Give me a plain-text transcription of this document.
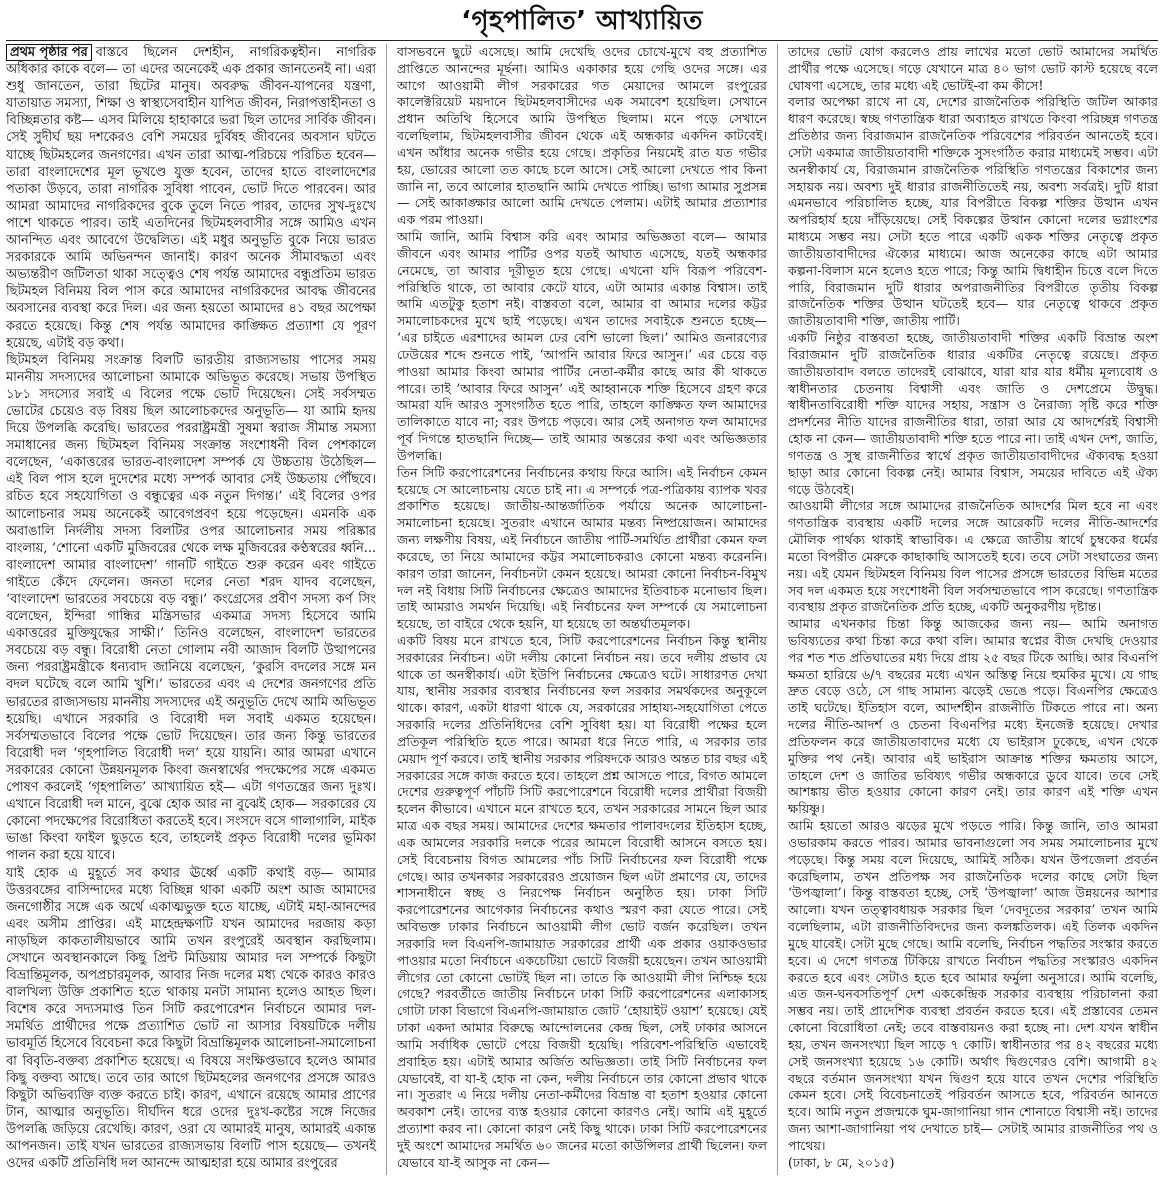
‘গৃহপালিত’ আখ্যায়িত

প্রথম পৃষ্ঠার পর বাস্তবে ছিলেন দেশহীন, নাগরিকত্বহীন। নাগরিক অধিকার কাকে বলে— তা এদের অনেকেই এক প্রকার জানতেনই না। এরা শুধু জানতেন, তারা ছিটের মানুষ। অবরুদ্ধ জীবন-যাপনের যন্ত্রণা, যাতায়াত সমস্যা, শিক্ষা ও স্বাস্থ্যসেবাহীন যাপিত জীবন, নিরাপত্তাহীনতা ও বিচ্ছিন্নতার কষ্ট— এসব মিলিয়ে হাহাকারে ভরা ছিল তাদের সার্বিক জীবন। সেই সুদীর্ঘ ছয় দশকেরও বেশি সময়ের দুর্বিষহ জীবনের অবসান ঘটতে যাচ্ছে ছিটমহলের জনগণের। এখন তারা আত্ম-পরিচয়ে পরিচিত হবেন— তারা বাংলাদেশের মূল ভূখণ্ডে যুক্ত হবেন, তাদের হাতে বাংলাদেশের পতাকা উড়বে, তারা নাগরিক সুবিধা পাবেন, ভোট দিতে পারবেন। আর আমরা আমাদের নাগরিকদের বুকে তুলে নিতে পারব, তাদের সুখ-দুঃখে পাশে থাকতে পারব। তাই এতদিনের ছিটমহলবাসীর সঙ্গে আমিও এখন আনন্দিত এবং আবেগে উদ্বেলিত। এই মধুর অনুভূতি বুকে নিয়ে ভারত সরকারকে আমি অভিনন্দন জানাই। কারণ অনেক সীমাবদ্ধতা এবং অভ্যন্তরীণ জটিলতা থাকা সত্ত্বেও শেষ পর্যন্ত আমাদের বন্ধুপ্রতিম ভারত ছিটমহল বিনিময় বিল পাস করে আমাদের নাগরিকদের আবদ্ধ জীবনের অবসানের ব্যবস্থা করে দিল। এর জন্য হয়তো আমাদের ৪১ বছর অপেক্ষা করতে হয়েছে। কিন্তু শেষ পর্যন্ত আমাদের কাঙ্ক্ষিত প্রত্যাশা যে পূরণ হয়েছে, এটাই বড় কথা।

ছিটমহল বিনিময় সংক্রান্ত বিলটি ভারতীয় রাজ্যসভায় পাসের সময় মাননীয় সদস্যদের আলোচনা আমাকে অভিভূত করেছে। সভায় উপস্থিত ১৮১ সদস্যের সবাই এ বিলের পক্ষে ভোট দিয়েছেন। সেই সর্বসম্মত ভোটের চেয়েও বড় বিষয় ছিল আলোচকদের অনুভূতি— যা আমি হৃদয় দিয়ে উপলব্ধি করেছি। ভারতের পররাষ্ট্রমন্ত্রী সুষমা স্বরাজ সীমান্ত সমস্যা সমাধানের জন্য ছিটমহল বিনিময় সংক্রান্ত সংশোধনী বিল পেশকালে বলেছেন, ‘একাত্তরের ভারত-বাংলাদেশ সম্পর্ক যে উচ্চতায় উঠেছিল— এই বিল পাস হলে দুদেশের মধ্যে সম্পর্ক আবার সেই উচ্চতায় পৌঁছবে। রচিত হবে সহযোগিতা ও বন্ধুত্বের এক নতুন দিগন্ত।’ এই বিলের ওপর আলোচনার সময় অনেকেই আবেগপ্রবণ হয়ে পড়েছেন। এমনকি এক অবাঙালি নির্দলীয় সদস্য বিলটির ওপর আলোচনার সময় পরিষ্কার বাংলায়, ‘শোনো একটি মুজিবরের থেকে লক্ষ মুজিবরের কণ্ঠস্বরের ধ্বনি... বাংলাদেশ আমার বাংলাদেশ’ গানটি গাইতে শুরু করেন এবং গাইতে গাইতে কেঁদে ফেলেন। জনতা দলের নেতা শরদ যাদব বলেছেন, ‘বাংলাদেশ ভারতের সবচেয়ে বড় বন্ধু।’ কংগ্রেসের প্রবীণ সদস্য কর্ণ সিং বলেছেন, ইন্দিরা গান্ধির মন্ত্রিসভার একমাত্র সদস্য হিসেবে আমি একাত্তরের মুক্তিযুদ্ধের সাক্ষী।’ তিনিও বলেছেন, বাংলাদেশ ভারতের সবচেয়ে বড় বন্ধু। বিরোধী নেতা গোলাম নবী আজাদ বিলটি উত্থাপনের জন্য পররাষ্ট্রমন্ত্রীকে ধন্যবাদ জানিয়ে বলেছেন, ‘কুরসি বদলের সঙ্গে মন বদল ঘটেছে বলে আমি খুশি।’ ভারতের এবং এ দেশের জনগণের প্রতি ভারতের রাজ্যসভায় মাননীয় সদস্যদের এই অনুভূতি দেখে আমি অভিভূত হয়েছি। এখানে সরকারি ও বিরোধী দল সবাই একমত হয়েছেন। সর্বসম্মতভাবে বিলের পক্ষে ভোট দিয়েছেন। তার জন্য কিন্তু ভারতের বিরোধী দল ‘গৃহপালিত বিরোধী দল’ হয়ে যায়নি। আর আমরা এখানে সরকারের কোনো উন্নয়নমূলক কিংবা জনস্বার্থের পদক্ষেপের সঙ্গে একমত পোষণ করলেই ‘গৃহপালিত’ আখ্যায়িত হই— এটা গণতন্ত্রের জন্য দুঃখ। এখানে বিরোধী দল মানে, বুঝে হোক আর না বুঝেই হোক— সরকারের যে কোনো পদক্ষেপের বিরোধিতা করতেই হবে। সংসদে বসে গালাগালি, মাইক ভাঙা কিংবা ফাইল ছুড়তে হবে, তাহলেই প্রকৃত বিরোধী দলের ভূমিকা পালন করা হয়ে যাবে।

যাই হোক এ মুহূর্তে সব কথার ঊর্ধ্বে একটি কথাই বড়— আমার উত্তরবঙ্গের বাসিন্দাদের মধ্যে বিচ্ছিন্ন থাকা একটি অংশ আজ আমাদের জনগোষ্ঠীর সঙ্গে এক অর্থে একাত্মভুক্ত হতে যাচ্ছে, এটাই মহা-আনন্দের এবং অসীম প্রাপ্তির। এই মাহেন্দ্রক্ষণটি যখন আমাদের দরজায় কড়া নাড়ছিল কাকতালীয়ভাবে আমি তখন রংপুরেই অবস্থান করছিলাম। সেখানে অবস্থানকালে কিছু প্রিন্ট মিডিয়ায় আমার দল সম্পর্কে কিছুটা বিভ্রান্তিমূলক, অপপ্রচারমূলক, আবার নিজ দলের মধ্য থেকে কারও কারও বালখিল্য উক্তি প্রকাশিত হতে থাকায় মনটা সামান্য হলেও আহত ছিল। বিশেষ করে সদ্যসমাপ্ত তিন সিটি করপোরেশন নির্বাচনে আমার দল-সমর্থিত প্রার্থীদের পক্ষে প্রত্যাশিত ভোট না আসার বিষয়টিকে দলীয় ভাবমূর্তি হিসেবে বিবেচনা করে কিছুটা বিভ্রান্তিমূলক আলোচনা-সমালোচনা বা বিবৃতি-বক্তব্য প্রকাশিত হয়েছে। এ বিষয়ে সংক্ষিপ্তভাবে হলেও আমার কিছু বক্তব্য আছে। তবে তার আগে ছিটমহলের জনগণের প্রসঙ্গে আরও কিছুটা অভিব্যক্তি ব্যক্ত করতে চাই। কারণ, এখানে রয়েছে আমার প্রাণের টান, আত্মার অনুভূতি। দীর্ঘদিন ধরে ওদের দুঃখ-কষ্টের সঙ্গে নিজের উপলব্ধি জড়িয়ে রেখেছি। কারণ, ওরা যে আমারই মানুষ, আমারই একান্ত আপনজন। তাই যখন ভারতের রাজ্যসভায় বিলটি পাস হয়েছে— তখনই ওদের একটি প্রতিনিধি দল আনন্দে আত্মহারা হয়ে আমার রংপুরের

বাসভবনে ছুটে এসেছে। আমি দেখেছি ওদের চোখে-মুখে বহু প্রত্যাশিত প্রাপ্তিতে আনন্দের মূর্ছনা। আমিও একাকার হয়ে গেছি ওদের সঙ্গে। এর আগে আওয়ামী লীগ সরকারের গত মেয়াদের আমলে রংপুরের কালেক্টরিয়েট ময়দানে ছিটমহলবাসীদের এক সমাবেশ হয়েছিল। সেখানে প্রধান অতিথি হিসেবে আমি উপস্থিত ছিলাম। মনে পড়ে সেখানে বলেছিলাম, ছিটমহলবাসীর জীবন থেকে এই অন্ধকার একদিন কাটবেই। এখন আঁধার অনেক গভীর হয়ে গেছে। প্রকৃতির নিয়মেই রাত যত গভীর হয়, ভোরের আলো তত কাছে চলে আসে। সেই আলো দেখতে পাব কিনা জানি না, তবে আলোর হাতছানি আমি দেখতে পাচ্ছি। ভাগ্য আমার সুপ্রসন্ন— সেই আকাঙ্ক্ষার আলো আমি দেখতে পেলাম। এটাই আমার প্রত্যাশার এক পরম পাওয়া।

আমি জানি, আমি বিশ্বাস করি এবং আমার অভিজ্ঞতা বলে— আমার জীবনে এবং আমার পার্টির ওপর যতই আঘাত এসেছে, যতই অন্ধকার নেমেছে, তা আবার দূরীভূত হয়ে গেছে। এখনো যদি বিরূপ পরিবেশ-পরিস্থিতি থাকে, তা আবার কেটে যাবে, এটা আমার একান্ত বিশ্বাস। তাই আমি এতটুকু হতাশ নই। বাস্তবতা বলে, আমার বা আমার দলের কট্টর সমালোচকদের মুখে ছাই পড়েছে। এখন তাদের সবাইকে শুনতে হচ্ছে— ‘এর চাইতে এরশাদের আমল ঢের বেশি ভালো ছিল।’ আমিও জনারণ্যের ঢেউয়ের শব্দে শুনতে পাই, ‘আপনি আবার ফিরে আসুন।’ এর চেয়ে বড় পাওয়া আমার কিংবা আমার পার্টির নেতা-কর্মীর কাছে আর কী থাকতে পারে। তাই ‘আবার ফিরে আসুন’ এই আহ্বানকে শক্তি হিসেবে গ্রহণ করে আমরা যদি আরও সুসংগঠিত হতে পারি, তাহলে কাঙ্ক্ষিত ফল আমাদের তালিকাতে যাবে না; বরং উপচে পড়বে। আর সেই অনাগত ফল আমাদের পূর্ব দিগন্তে হাতছানি দিচ্ছে— তাই আমার অন্তরের কথা এবং অভিজ্ঞতার উপলব্ধি।

তিন সিটি করপোরেশনের নির্বাচনের কথায় ফিরে আসি। এই নির্বাচন কেমন হয়েছে সে আলোচনায় যেতে চাই না। এ সম্পর্কে পত্র-পত্রিকায় ব্যাপক খবর প্রকাশিত হয়েছে। জাতীয়-আন্তর্জাতিক পর্যায়ে অনেক আলোচনা-সমালোচনা হয়েছে। সুতরাং এখানে আমার মন্তব্য নিষ্প্রয়োজন। আমাদের জন্য লক্ষণীয় বিষয়, এই নির্বাচনে জাতীয় পার্টি-সমর্থিত প্রার্থীরা কেমন ফল করেছে, তা নিয়ে আমাদের কট্টর সমালোচকরাও কোনো মন্তব্য করেননি। কারণ তারা জানেন, নির্বাচনটা কেমন হয়েছে। আমরা কোনো নির্বাচন-বিমুখ দল নই বিধায় সিটি নির্বাচনের ক্ষেত্রেও আমাদের ইতিবাচক মনোভাব ছিল। তাই আমরাও সমর্থন দিয়েছি। এই নির্বাচনের ফল সম্পর্কে যে সমালোচনা হয়েছে, তা বাইরে থেকে হয়নি, যা হয়েছে তা অন্তর্ঘাতমূলক।

একটি বিষয় মনে রাখতে হবে, সিটি করপোরেশনের নির্বাচন কিন্তু স্থানীয় সরকারের নির্বাচন। এটা দলীয় কোনো নির্বাচন নয়। তবে দলীয় প্রভাব যে থাকে তা অনস্বীকার্য। এটা ইউপি নির্বাচনের ক্ষেত্রেও ঘটে। সাধারণত দেখা যায়, স্থানীয় সরকার ব্যবস্থার নির্বাচনের ফল সরকার সমর্থকদের অনুকূলে থাকে। কারণ, একটা ধারণা থাকে যে, সরকারের সাহায্য-সহযোগিতা পেতে সরকারি দলের প্রতিনিধিদের বেশি সুবিধা হয়। যা বিরোধী পক্ষের হলে প্রতিকূল পরিস্থিতি হতে পারে। আমরা ধরে নিতে পারি, এ সরকার তার মেয়াদ পূর্ণ করবে। তাই স্থানীয় সরকার পরিষদকে আরও অন্তত চার বছর এই সরকারের সঙ্গে কাজ করতে হবে। তাহলে প্রশ্ন আসতে পারে, বিগত আমলে দেশের গুরুত্বপূর্ণ পাঁচটি সিটি করপোরেশনে বিরোধী দলের প্রার্থীরা বিজয়ী হলেন কীভাবে। এখানে মনে রাখতে হবে, তখন সরকারের সামনে ছিল আর মাত্র এক বছর সময়। আমাদের দেশের ক্ষমতার পালাবদলের ইতিহাস হচ্ছে, এক আমলের সরকারি দলকে পরের আমলে বিরোধী আসনে বসতে হয়। সেই বিবেচনায় বিগত আমলের পাঁচ সিটি নির্বাচনের ফল বিরোধী পক্ষে গেছে। আর তখনকার সরকারেরও প্রয়োজন ছিল এটা প্রমাণের যে, তাদের শাসনাধীনে স্বচ্ছ ও নিরপেক্ষ নির্বাচন অনুষ্ঠিত হয়। ঢাকা সিটি করপোরেশনের আগেকার নির্বাচনের কথাও স্মরণ করা যেতে পারে। সেই অবিভক্ত ঢাকার নির্বাচনে আওয়ামী লীগ ভোট বর্জন করেছিল। তখন সরকারি দল বিএনপি-জামায়াত সরকারের প্রার্থী এক প্রকার ওয়াকওভার পাওয়ার মতো নির্বাচনে একচেটিয়া ভোটে বিজয়ী হয়েছেন। তখন আওয়ামী লীগের তো কোনো ভোটই ছিল না। তাতে কি আওয়ামী লীগ নিশ্চিহ্ন হয়ে গেছে? পরবর্তীতে জাতীয় নির্বাচনে ঢাকা সিটি করপোরেশনের এলাকাসহ গোটা ঢাকা বিভাগে বিএনপি-জামায়াত জোট ‘হোয়াইট ওয়াশ’ হয়েছে। যেই ঢাকা একদা আমার বিরুদ্ধে আন্দোলনের কেন্দ্র ছিল, সেই ঢাকার আসনে আমি সর্বাধিক ভোটে পেয়ে বিজয়ী হয়েছি। পরিবেশ-পরিস্থিতি এভাবেই প্রবাহিত হয়। এটাই আমার অর্জিত অভিজ্ঞতা। তাই সিটি নির্বাচনের ফল যেভাবেই, বা যা-ই হোক না কেন, দলীয় নির্বাচনে তার কোনো প্রভাব থাকে না। সুতরাং এ নিয়ে দলীয় নেতা-কর্মীদের বিভ্রান্ত বা হতাশ হওয়ার কোনো অবকাশ নেই। তাদের ব্যস্ত হওয়ার কোনো কারণও নেই। আমি এই মুহূর্তে প্রত্যাশা করব না। কোনো কারণ নেই কিছু থাকে। ঢাকা সিটি করপোরেশনের দুই অংশে আমাদের সমর্থিত ৬০ জনের মতো কাউন্সিলর প্রার্থী ছিলেন। ফল যেভাবে যা-ই আসুক না কেন—

তাদের ভোট যোগ করলেও প্রায় লাখের মতো ভোট আমাদের সমর্থিত প্রার্থীর পক্ষে এসেছে। গড়ে যেখানে মাত্র ৪০ ভাগ ভোট কাস্ট হয়েছে বলে ঘোষণা এসেছে, তার মধ্যে এই ভোটই-বা কম কীসে!

বলার অপেক্ষা রাখে না যে, দেশের রাজনৈতিক পরিস্থিতি জটিল আকার ধারণ করেছে। স্বচ্ছ গণতান্ত্রিক ধারা অব্যাহত রাখতে কিংবা পরিচ্ছন্ন গণতন্ত্র প্রতিষ্ঠার জন্য বিরাজমান রাজনৈতিক পরিবেশের পরিবর্তন আনতেই হবে। সেটা একমাত্র জাতীয়তাবাদী শক্তিকে সুসংগঠিত করার মাধ্যমেই সম্ভব। এটা অনস্বীকার্য যে, বিরাজমান রাজনৈতিক পরিস্থিতি গণতন্ত্রের বিকাশের জন্য সহায়ক নয়। অবশ্য দুই ধারার রাজনীতিতেই নয়, অবশ্য সর্বত্রই। দুটি ধারা এমনভাবে পরিচালিত হচ্ছে, যার বিপরীতে বিকল্প শক্তির উত্থান এখন অপরিহার্য হয়ে দাঁড়িয়েছে। সেই বিকল্পের উত্থান কোনো দলের ভগ্নাংশের মাধ্যমে সম্ভব নয়। সেটা হতে পারে একটি একক শক্তির নেতৃত্বে প্রকৃত জাতীয়তাবাদীদের ঐক্যের মাধ্যমে। আজ অনেকের কাছে এটা আমার কল্পনা-বিলাস মনে হলেও হতে পারে; কিন্তু আমি দ্বিধাহীন চিত্তে বলে দিতে পারি, বিরাজমান দুটি ধারার অপরাজনীতির বিপরীতে তৃতীয় বিকল্প রাজনৈতিক শক্তির উত্থান ঘটতেই হবে— যার নেতৃত্বে থাকবে প্রকৃত জাতীয়তাবাদী শক্তি, জাতীয় পার্টি।

একটি নিষ্ঠুর বাস্তবতা হচ্ছে, জাতীয়তাবাদী শক্তির একটি বিভ্রান্ত অংশ বিরাজমান দুটি রাজনৈতিক ধারার একটির নেতৃত্বে রয়েছে। প্রকৃত জাতীয়তাবাদ বলতে তাদেরই বোঝাবে, যারা যার যার ধর্মীয় মূল্যবোধ ও স্বাধীনতার চেতনায় বিশ্বাসী এবং জাতি ও দেশপ্রেমে উদ্বুদ্ধ। স্বাধীনতাবিরোধী শক্তি যাদের সহায়, সন্ত্রাস ও নৈরাজ্য সৃষ্টি করে শক্তি প্রদর্শনের নীতি যাদের রাজনীতির ধারা, তারা আর যে আদর্শেরই বিশ্বাসী হোক না কেন— জাতীয়তাবাদী শক্তি হতে পারে না। তাই এখন দেশ, জাতি, গণতন্ত্র ও সুস্থ রাজনীতির স্বার্থে প্রকৃত জাতীয়তাবাদীদের ঐক্যবদ্ধ হওয়া ছাড়া আর কোনো বিকল্প নেই। আমার বিশ্বাস, সময়ের দাবিতে এই ঐক্য গড়ে উঠবেই।

আওয়ামী লীগের সঙ্গে আমাদের রাজনৈতিক আদর্শের মিল হবে না এবং গণতান্ত্রিক ব্যবস্থায় একটি দলের সঙ্গে আরেকটি দলের নীতি-আদর্শের মৌলিক পার্থক্য থাকাই স্বাভাবিক। এ ক্ষেত্রে জাতীয় স্বার্থে চুম্বকের ধর্মের মতো বিপরীত মেরুকে কাছাকাছি আসতেই হবে। তবে সেটা সংঘাতের জন্য নয়। এই যেমন ছিটমহল বিনিময় বিল পাসের প্রসঙ্গে ভারতের বিভিন্ন মতের সব দল একমত হয়ে সংশোধনী বিল সর্বসম্মতভাবে পাস করেছে। গণতান্ত্রিক ব্যবস্থায় প্রকৃত রাজনৈতিক প্রতি হচ্ছে, একটি অনুকরণীয় দৃষ্টান্ত।

আমার এখনকার চিন্তা কিন্তু আজকের জন্য নয়— আমি অনাগত ভবিষ্যতের কথা চিন্তা করে কথা বলি। আমার স্বপ্নের বীজ দেখছি দেওয়ার পর শত শত প্রতিঘাতের মধ্য দিয়ে প্রায় ২৫ বছর টিকে আছি। আর বিএনপি ক্ষমতা হারিয়ে ৬/৭ বছরের মধ্যে এখন অস্তিত্ব নিয়ে হুমকির মুখে। যে গাছ দ্রুত বেড়ে ওঠে, সে গাছ সামান্য ঝড়েই ভেঙে পড়ে। বিএনপির ক্ষেত্রেও তাই ঘটেছে। ইতিহাস বলে, আদর্শহীন রাজনীতি টিকতে পারে না। অন্য দলের নীতি-আদর্শ ও চেতনা বিএনপির মধ্যে ইনজেক্ট হয়েছে। দেখার প্রতিফলন করে জাতীয়তাবাদের মধ্যে যে ভাইরাস ঢুকেছে, এখন থেকে মুক্তির পথ নেই। আবার এই ভাইরাস আক্রান্ত শক্তির ক্ষমতায় আসে, তাহলে দেশ ও জাতির ভবিষ্যৎ গভীর অন্ধকারে ডুবে যাবে। তবে সেই আশঙ্কায় ভীত হওয়ার কোনো কারণ নেই। তার কারণ এই শক্তি এখন ক্ষয়িষ্ণু।

আমি হয়তো আরও ঝড়ের মুখে পড়তে পারি। কিন্তু জানি, তাও আমরা ওভারকাম করতে পারব। আমার ভাবনাগুলো সব সময় সমালোচনার মুখে পড়েছে। কিন্তু সময় বলে দিয়েছে, আমিই সঠিক। যখন উপজেলা প্রবর্তন করেছিলাম, তখন প্রতিপক্ষ সব রাজনৈতিক দলের কাছে সেটা ছিল ‘উপজ্বালা’। কিন্তু বাস্তবতা হচ্ছে, সেই ‘উপজ্বালা’ আজ উন্নয়নের আশার আলো। যখন তত্ত্বাবধায়ক সরকার ছিল ‘দেবদূতের সরকার’ তখন আমি বলেছিলাম, এটা রাজনীতিবিদদের জন্য কলঙ্কতিলক। এই তিলক একদিন মুছে যাবেই। সেটা মুছে গেছে। আমি বলেছি, নির্বাচন পদ্ধতির সংস্কার করতে হবে। এ দেশে গণতন্ত্র টিকিয়ে রাখতে নির্বাচন পদ্ধতির সংস্কারও একদিন করতে হবে এবং সেটাও হতে হবে আমার ফর্মুলা অনুসারে। আমি বলেছি, এত জন-ঘনবসতিপূর্ণ দেশ এককেন্দ্রিক সরকার ব্যবস্থায় পরিচালনা করা সম্ভব নয়। তাই প্রাদেশিক ব্যবস্থা প্রবর্তন করতে হবে। এই প্রস্তাবের তেমন কোনো বিরোধিতা নেই; তবে বাস্তবায়নও করা হচ্ছে না। দেশ যখন স্বাধীন হয়, তখন জনসংখ্যা ছিল সাড়ে ৭ কোটি। স্বাধীনতার পর ৪২ বছরের মধ্যে সেই জনসংখ্যা হয়েছে ১৬ কোটি। অর্থাৎ দ্বিগুণেরও বেশি। আগামী ৪২ বছরে বর্তমান জনসংখ্যা যখন দ্বিগুণ হয়ে যাবে তখন দেশের পরিস্থিতি কেমন হবে। সেই বিবেচনাতেই পরিবর্তন আসতে হবে, পরিবর্তন আনতে হবে। আমি নতুন প্রজন্মকে ঘুম-জাগানিয়া গান শোনাতে বিশ্বাসী নই। তাদের জন্য আশা-জাগানিয়া পথ দেখাতে চাই— সেটাই আমার রাজনীতির পথ ও পাথেয়।

(ঢাকা, ৮ মে, ২০১৫)
